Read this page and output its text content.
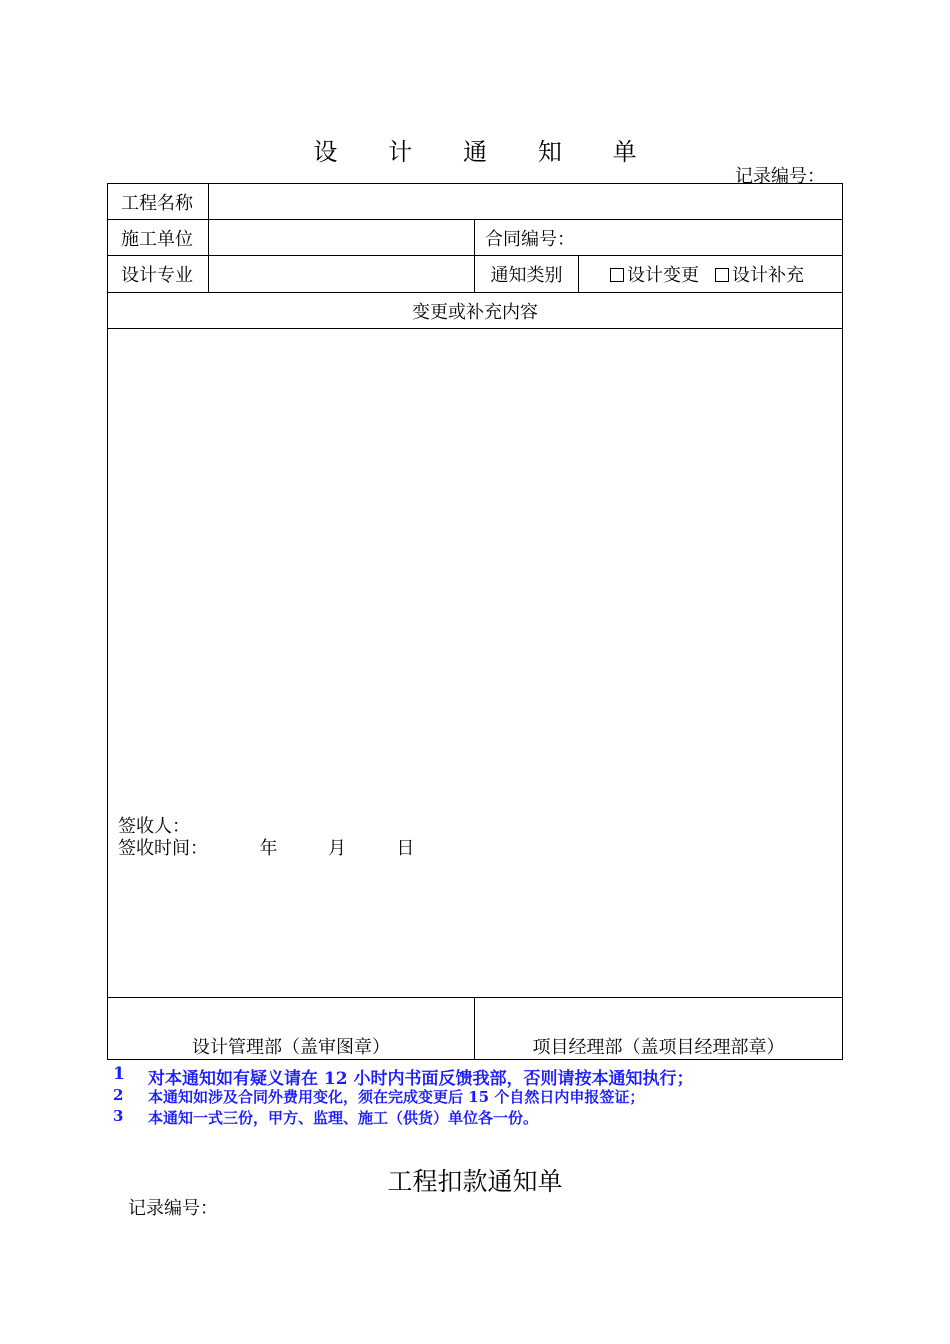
设 计 通 知 单
记录编号：
工程名称
施工单位	合同编号：
设计专业	通知类别	设计变更	设计补充
变更或补充内容
签收人：
签收时间：	年	月	日
设计管理部（盖审图章）	项目经理部（盖项目经理部章）
1	对本通知如有疑义请在 12 小时内书面反馈我部，否则请按本通知执行；
2	本通知如涉及合同外费用变化，须在完成变更后 15 个自然日内申报签证；
3	本通知一式三份，甲方、监理、施工（供货）单位各一份。
工程扣款通知单
记录编号：
